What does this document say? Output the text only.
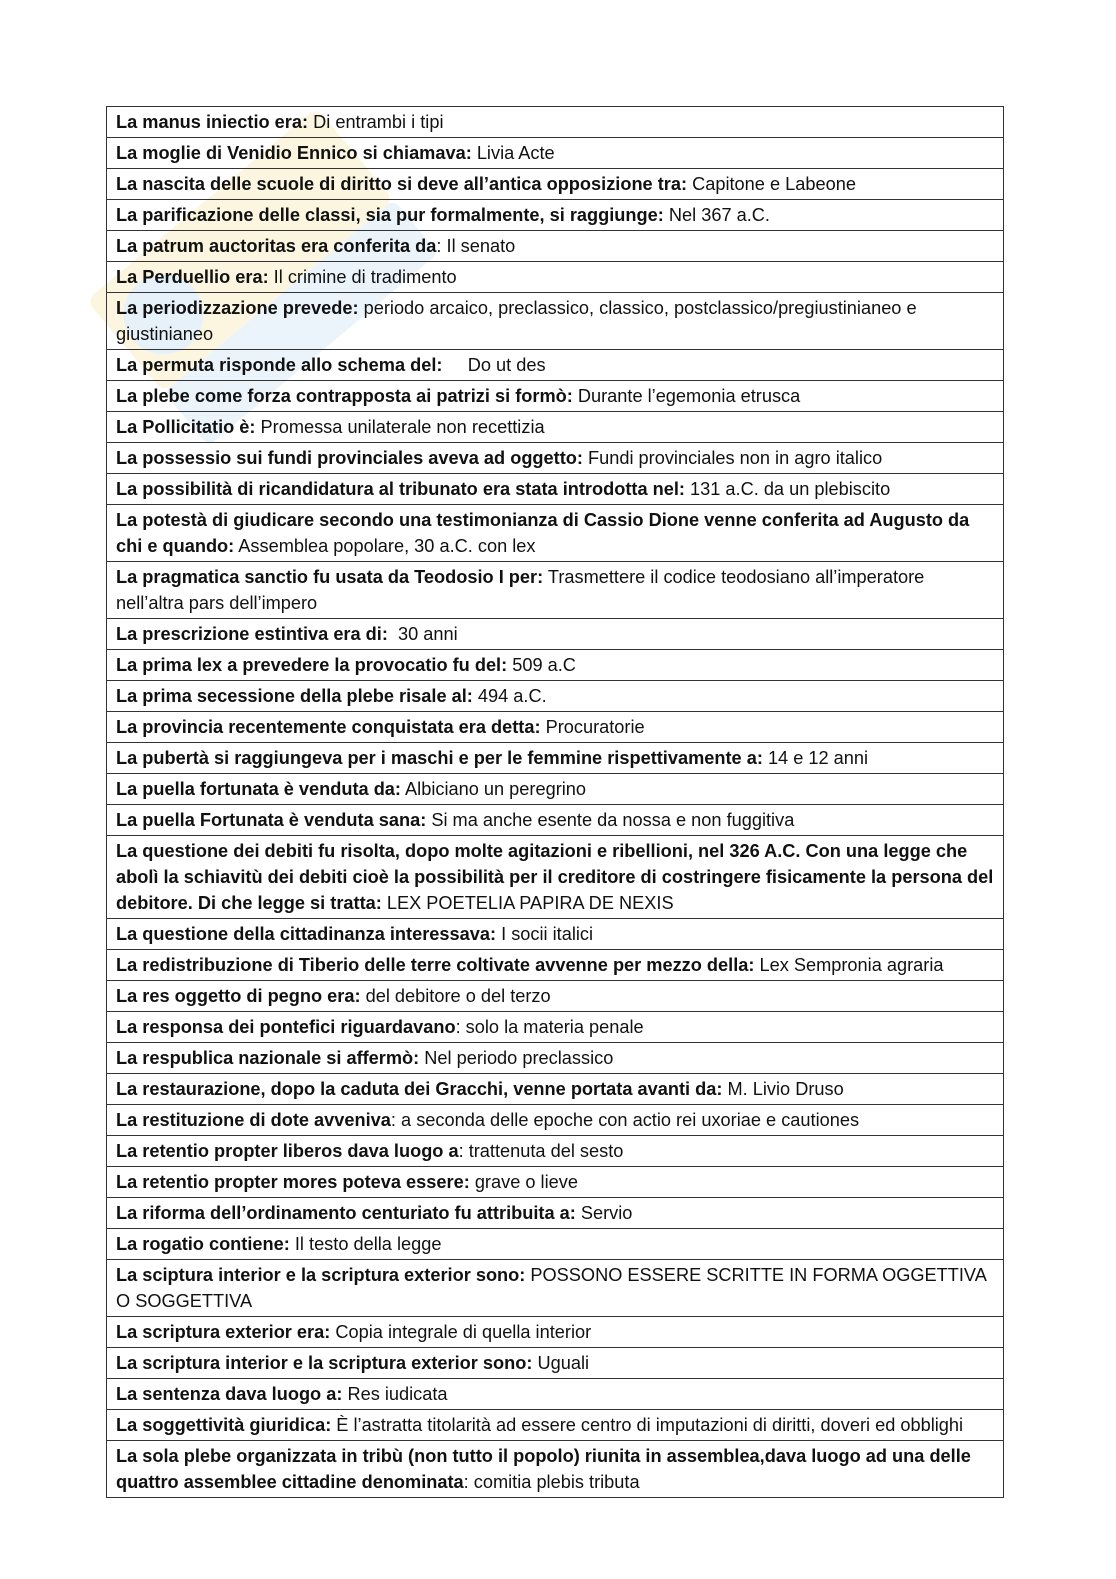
La manus iniectio era: Di entrambi i tipi
La moglie di Venidio Ennico si chiamava: Livia Acte
La nascita delle scuole di diritto si deve all’antica opposizione tra: Capitone e Labeone
La parificazione delle classi, sia pur formalmente, si raggiunge: Nel 367 a.C.
La patrum auctoritas era conferita da: Il senato
La Perduellio era: Il crimine di tradimento
La periodizzazione prevede: periodo arcaico, preclassico, classico, postclassico/pregiustinianeo e giustinianeo
La permuta risponde allo schema del:     Do ut des
La plebe come forza contrapposta ai patrizi si formò: Durante l’egemonia etrusca
La Pollicitatio è: Promessa unilaterale non recettizia
La possessio sui fundi provinciales aveva ad oggetto: Fundi provinciales non in agro italico
La possibilità di ricandidatura al tribunato era stata introdotta nel: 131 a.C. da un plebiscito
La potestà di giudicare secondo una testimonianza di Cassio Dione venne conferita ad Augusto da chi e quando: Assemblea popolare, 30 a.C. con lex
La pragmatica sanctio fu usata da Teodosio I per: Trasmettere il codice teodosiano all’imperatore nell’altra pars dell’impero
La prescrizione estintiva era di:  30 anni
La prima lex a prevedere la provocatio fu del: 509 a.C
La prima secessione della plebe risale al: 494 a.C.
La provincia recentemente conquistata era detta: Procuratorie
La pubertà si raggiungeva per i maschi e per le femmine rispettivamente a: 14 e 12 anni
La puella fortunata è venduta da: Albiciano un peregrino
La puella Fortunata è venduta sana: Si ma anche esente da nossa e non fuggitiva
La questione dei debiti fu risolta, dopo molte agitazioni e ribellioni, nel 326 A.C. Con una legge che abolì la schiavitù dei debiti cioè la possibilità per il creditore di costringere fisicamente la persona del debitore. Di che legge si tratta: LEX POETELIA PAPIRA DE NEXIS
La questione della cittadinanza interessava: I socii italici
La redistribuzione di Tiberio delle terre coltivate avvenne per mezzo della: Lex Sempronia agraria
La res oggetto di pegno era: del debitore o del terzo
La responsa dei pontefici riguardavano: solo la materia penale
La respublica nazionale si affermò: Nel periodo preclassico
La restaurazione, dopo la caduta dei Gracchi, venne portata avanti da: M. Livio Druso
La restituzione di dote avveniva: a seconda delle epoche con actio rei uxoriae e cautiones
La retentio propter liberos dava luogo a: trattenuta del sesto
La retentio propter mores poteva essere: grave o lieve
La riforma dell’ordinamento centuriato fu attribuita a: Servio
La rogatio contiene: Il testo della legge
La sciptura interior e la scriptura exterior sono: POSSONO ESSERE SCRITTE IN FORMA OGGETTIVA O SOGGETTIVA
La scriptura exterior era: Copia integrale di quella interior
La scriptura interior e la scriptura exterior sono: Uguali
La sentenza dava luogo a: Res iudicata
La soggettività giuridica: È l’astratta titolarità ad essere centro di imputazioni di diritti, doveri ed obblighi
La sola plebe organizzata in tribù (non tutto il popolo) riunita in assemblea,dava luogo ad una delle quattro assemblee cittadine denominata: comitia plebis tributa
